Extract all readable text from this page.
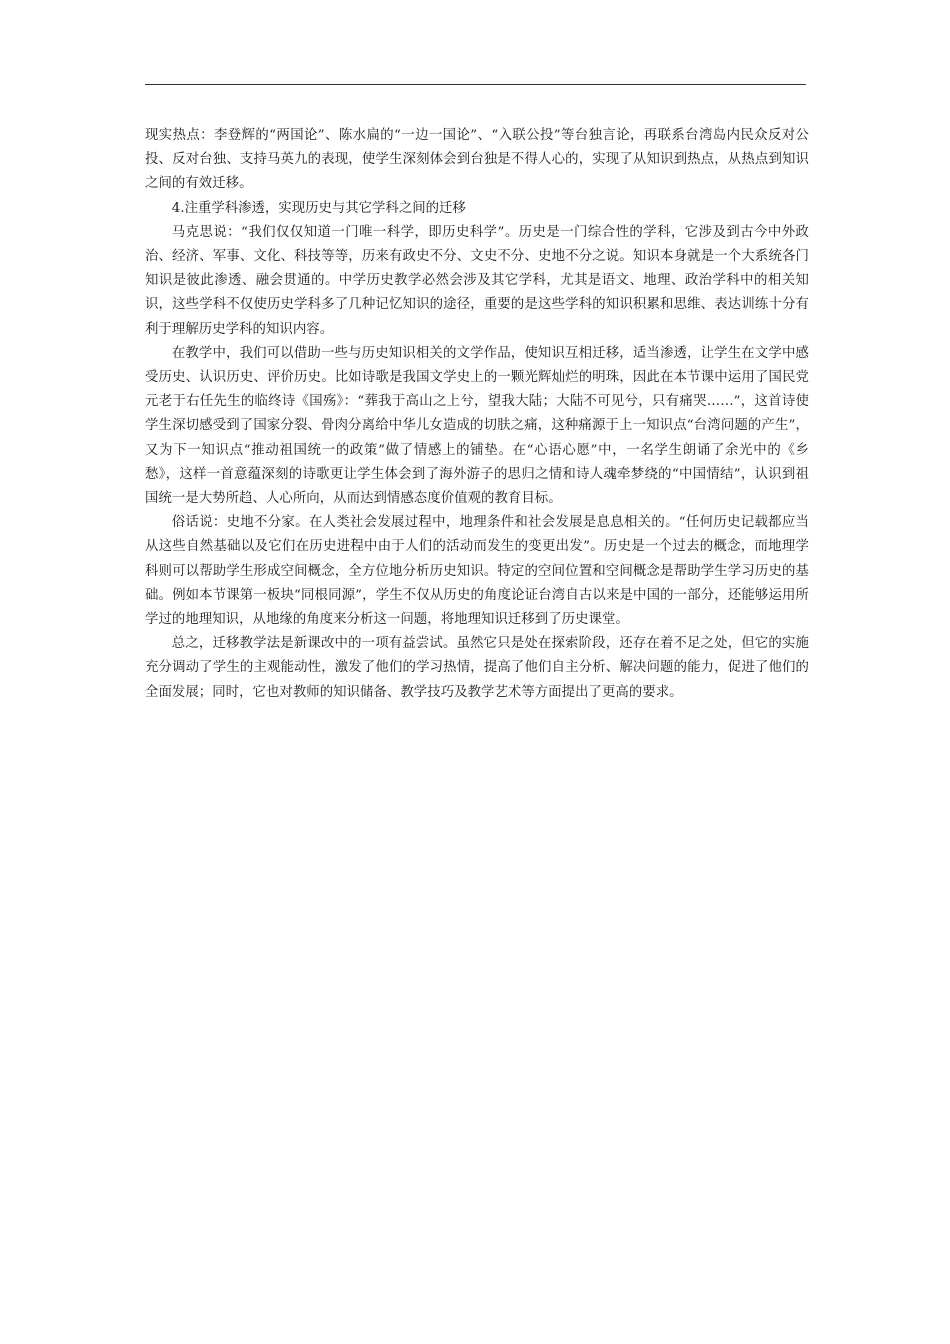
现实热点：李登辉的“两国论”、陈水扁的“一边一国论”、“入联公投”等台独言论，再联系台湾岛内民众反对公投、反对台独、支持马英九的表现，使学生深刻体会到台独是不得人心的，实现了从知识到热点，从热点到知识之间的有效迁移。

4.注重学科渗透，实现历史与其它学科之间的迁移

马克思说：“我们仅仅知道一门唯一科学，即历史科学”。历史是一门综合性的学科，它涉及到古今中外政治、经济、军事、文化、科技等等，历来有政史不分、文史不分、史地不分之说。知识本身就是一个大系统各门知识是彼此渗透、融会贯通的。中学历史教学必然会涉及其它学科，尤其是语文、地理、政治学科中的相关知识，这些学科不仅使历史学科多了几种记忆知识的途径，重要的是这些学科的知识积累和思维、表达训练十分有利于理解历史学科的知识内容。

在教学中，我们可以借助一些与历史知识相关的文学作品，使知识互相迁移，适当渗透，让学生在文学中感受历史、认识历史、评价历史。比如诗歌是我国文学史上的一颗光辉灿烂的明珠，因此在本节课中运用了国民党元老于右任先生的临终诗《国殇》：“葬我于高山之上兮，望我大陆；大陆不可见兮，只有痛哭……”，这首诗使学生深切感受到了国家分裂、骨肉分离给中华儿女造成的切肤之痛，这种痛源于上一知识点“台湾问题的产生”，又为下一知识点“推动祖国统一的政策”做了情感上的铺垫。在“心语心愿”中，一名学生朗诵了余光中的《乡愁》，这样一首意蕴深刻的诗歌更让学生体会到了海外游子的思归之情和诗人魂牵梦绕的“中国情结”，认识到祖国统一是大势所趋、人心所向，从而达到情感态度价值观的教育目标。

俗话说：史地不分家。在人类社会发展过程中，地理条件和社会发展是息息相关的。“任何历史记载都应当从这些自然基础以及它们在历史进程中由于人们的活动而发生的变更出发”。历史是一个过去的概念，而地理学科则可以帮助学生形成空间概念，全方位地分析历史知识。特定的空间位置和空间概念是帮助学生学习历史的基础。例如本节课第一板块“同根同源”，学生不仅从历史的角度论证台湾自古以来是中国的一部分，还能够运用所学过的地理知识，从地缘的角度来分析这一问题，将地理知识迁移到了历史课堂。

总之，迁移教学法是新课改中的一项有益尝试。虽然它只是处在探索阶段，还存在着不足之处，但它的实施充分调动了学生的主观能动性，激发了他们的学习热情，提高了他们自主分析、解决问题的能力，促进了他们的全面发展；同时，它也对教师的知识储备、教学技巧及教学艺术等方面提出了更高的要求。
